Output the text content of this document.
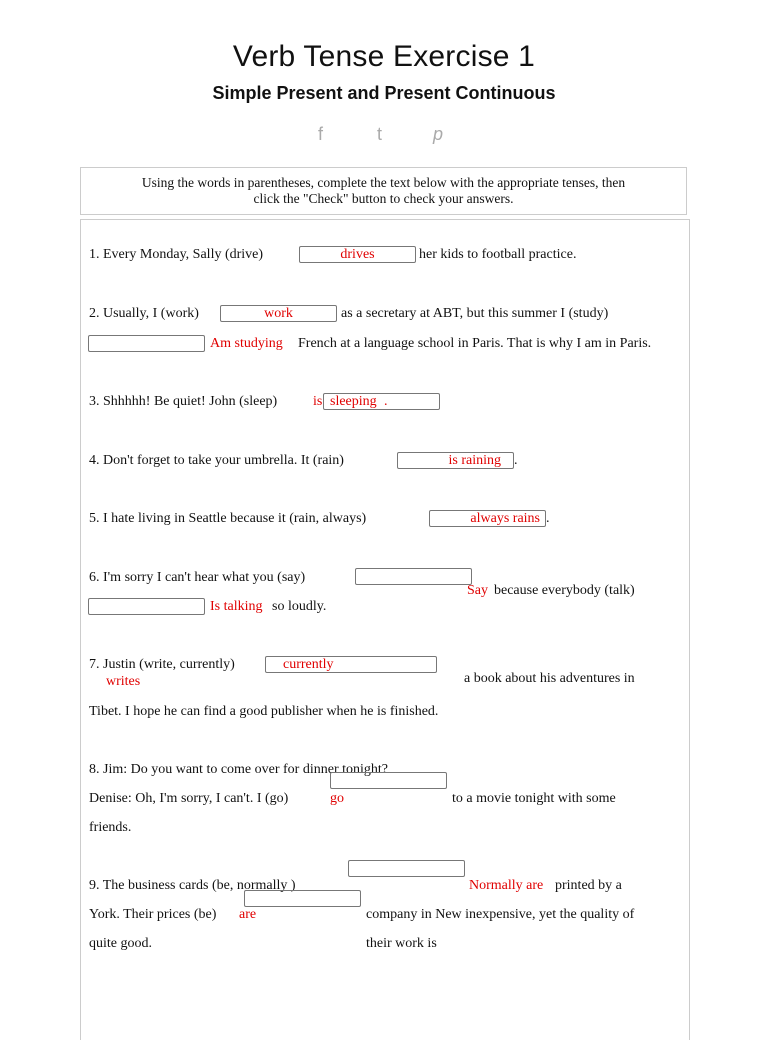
Verb Tense Exercise 1
Simple Present and Present Continuous
f	t	p
Using the words in parentheses, complete the text below with the appropriate tenses, then
click the "Check" button to check your answers.
1. Every Monday, Sally (drive)	drives	her kids to football practice.
2. Usually, I (work)	work	as a secretary at ABT, but this summer I (study)
Am studying French at a language school in Paris. That is why I am in Paris.
3. Shhhhh! Be quiet! John (sleep)	is sleeping .
4. Don't forget to take your umbrella. It (rain)	is raining .
5. I hate living in Seattle because it (rain, always)	always rains .
6. I'm sorry I can't hear what you (say)
Say because everybody (talk)
Is talking so loudly.
7. Justin (write, currently)	currently
writes	a book about his adventures in
Tibet. I hope he can find a good publisher when he is finished.
8. Jim: Do you want to come over for dinner tonight?
Denise: Oh, I'm sorry, I can't. I (go)	go	to a movie tonight with some
friends.
9. The business cards (be, normally )	Normally are printed by a
York. Their prices (be) are	company in New inexpensive, yet the quality of
quite good.	their work is
